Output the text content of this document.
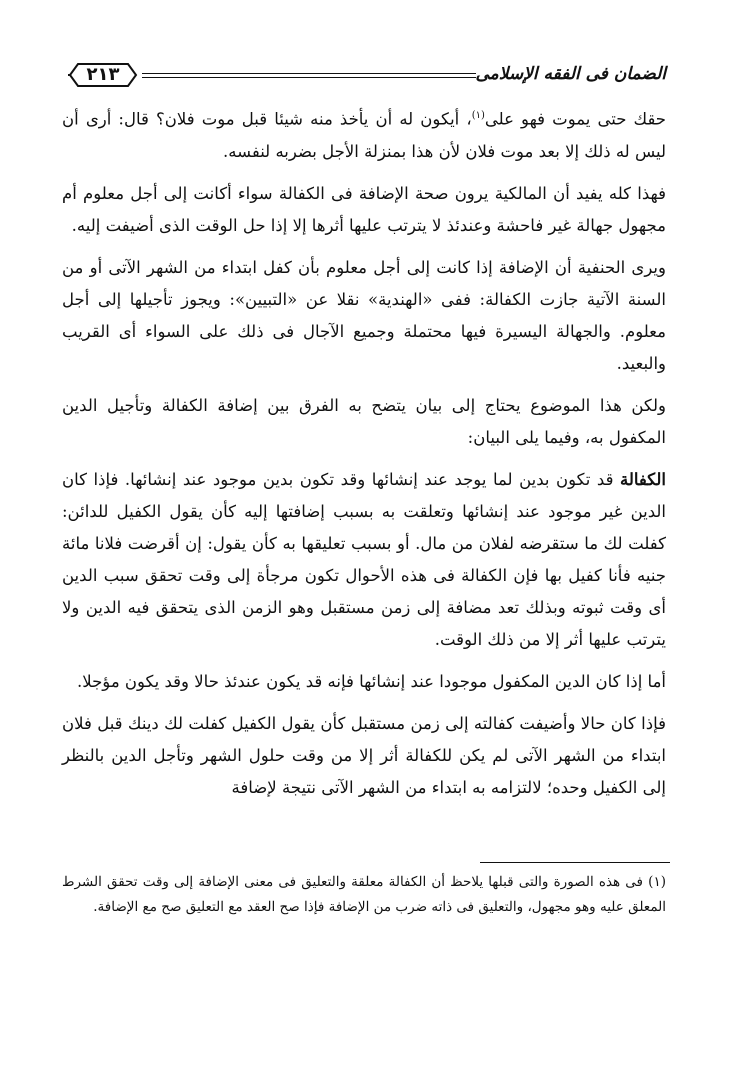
الضمان فى الفقه الإسلامى
٢١٣

حقك حتى يموت فهو على$^{(١)}$، أيكون له أن يأخذ منه شيئا قبل موت فلان؟ قال: أرى أن ليس له ذلك إلا بعد موت فلان لأن هذا بمنزلة الأجل بضربه لنفسه.

فهذا كله يفيد أن المالكية يرون صحة الإضافة فى الكفالة سواء أكانت إلى أجل معلوم أم مجهول جهالة غير فاحشة وعندئذ لا يترتب عليها أثرها إلا إذا حل الوقت الذى أضيفت إليه.

ويرى الحنفية أن الإضافة إذا كانت إلى أجل معلوم بأن كفل ابتداء من الشهر الآتى أو من السنة الآتية جازت الكفالة: ففى «الهندية» نقلا عن «التبيين»: ويجوز تأجيلها إلى أجل معلوم. والجهالة اليسيرة فيها محتملة وجميع الآجال فى ذلك على السواء أى القريب والبعيد.

ولكن هذا الموضوع يحتاج إلى بيان يتضح به الفرق بين إضافة الكفالة وتأجيل الدين المكفول به، وفيما يلى البيان:

الكفالة قد تكون بدين لما يوجد عند إنشائها وقد تكون بدين موجود عند إنشائها. فإذا كان الدين غير موجود عند إنشائها وتعلقت به بسبب إضافتها إليه كأن يقول الكفيل للدائن: كفلت لك ما ستقرضه لفلان من مال. أو بسبب تعليقها به كأن يقول: إن أقرضت فلانا مائة جنيه فأنا كفيل بها فإن الكفالة فى هذه الأحوال تكون مرجأة إلى وقت تحقق سبب الدين أى وقت ثبوته وبذلك تعد مضافة إلى زمن مستقبل وهو الزمن الذى يتحقق فيه الدين ولا يترتب عليها أثر إلا من ذلك الوقت.

أما إذا كان الدين المكفول موجودا عند إنشائها فإنه قد يكون عندئذ حالا وقد يكون مؤجلا.

فإذا كان حالا وأضيفت كفالته إلى زمن مستقبل كأن يقول الكفيل كفلت لك دينك قبل فلان ابتداء من الشهر الآتى لم يكن للكفالة أثر إلا من وقت حلول الشهر وتأجل الدين بالنظر إلى الكفيل وحده؛ لالتزامه به ابتداء من الشهر الآتى نتيجة لإضافة

(١) فى هذه الصورة والتى قبلها يلاحظ أن الكفالة معلقة والتعليق فى معنى الإضافة إلى وقت تحقق الشرط المعلق عليه وهو مجهول، والتعليق فى ذاته ضرب من الإضافة فإذا صح العقد مع التعليق صح مع الإضافة.
